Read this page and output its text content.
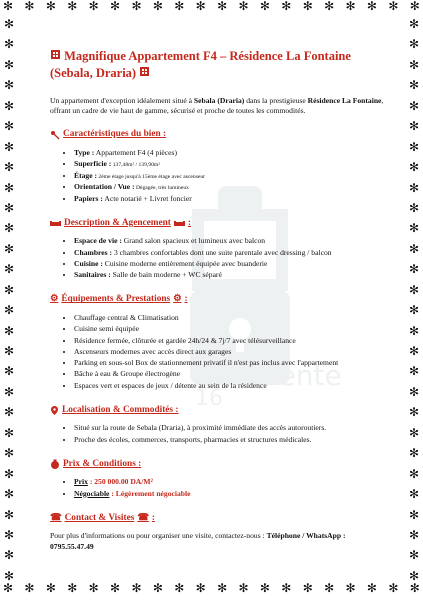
✻ ✻ ✻ ✻ ✻ ✻ ✻ ✻ ✻ ✻ ✻ ✻ ✻ ✻ ✻ ✻ ✻ ✻ ✻ ✻
✻ ✻ ✻ ✻ ✻ ✻ ✻ ✻ ✻ ✻ ✻ ✻ ✻ ✻ ✻ ✻ ✻ ✻ ✻ ✻
✻
✻
✻
✻
✻
✻
✻
✻
✻
✻
✻
✻
✻
✻
✻
✻
✻
✻
✻
✻
✻
✻
✻
✻
✻
✻
✻
✻
✻
✻
✻
✻
✻
✻
✻
✻
✻
✻
✻
✻
✻
✻
✻
✻
✻
✻
✻
✻
✻
✻
✻
✻
✻
✻
✻
✻
16
vente
Magnifique Appartement F4 – Résidence La Fontaine (Sebala, Draria)

Un appartement d'exception idéalement situé à Sebala (Draria) dans la prestigieuse Résidence La Fontaine, offrant un cadre de vie haut de gamme, sécurisé et proche de toutes les commodités.

Caractéristiques du bien :
• Type : Appartement F4 (4 pièces)
• Superficie : 137,48m² / 139,90m²
• Étage : 2ème étage jusqu'à 15ème étage avec ascenseur
• Orientation / Vue : Dégagée, très lumineux
• Papiers : Acte notarié + Livret foncier
Description & Agencement :
• Espace de vie : Grand salon spacieux et lumineux avec balcon
• Chambres : 3 chambres confortables dont une suite parentale avec dressing / balcon
• Cuisine : Cuisine moderne entièrement équipée avec buanderie
• Sanitaires : Salle de bain moderne + WC séparé
⚙ Équipements & Prestations ⚙ :
• Chauffage central & Climatisation
• Cuisine semi équipée
• Résidence fermée, clôturée et gardée 24h/24 & 7j/7 avec télésurveillance
• Ascenseurs modernes avec accès direct aux garages
• Parking en sous-sol Box de stationnement privatif il n'est pas inclus avec l'appartement
• Bâche à eau & Groupe électrogène
• Espaces vert et espaces de jeux / détente au sein de la résidence
Localisation & Commodités :
• Situé sur la route de Sebala (Draria), à proximité immédiate des accès autoroutiers.
• Proche des écoles, commerces, transports, pharmacies et structures médicales.
Prix & Conditions :
• Prix : 250 000.00 DA/M²
• Négociable : Légèrement négociable
☎ Contact & Visites ☎ :

Pour plus d'informations ou pour organiser une visite, contactez-nous : Téléphone / WhatsApp : 0795.55.47.49
